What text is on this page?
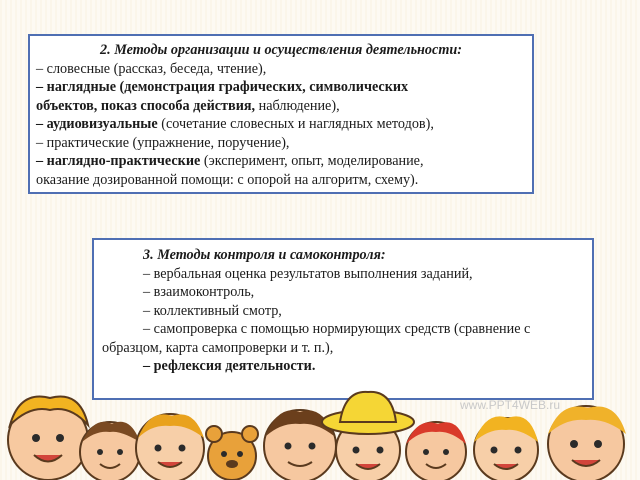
2. Методы организации и осуществления деятельности:

– словесные (рассказ, беседа, чтение),

– наглядные (демонстрация графических, символических

объектов, показ способа действия, наблюдение),

– аудиовизуальные (сочетание словесных и наглядных методов),

– практические (упражнение, поручение),

– наглядно-практические (эксперимент, опыт, моделирование,

оказание дозированной помощи: с опорой на алгоритм, схему).

3. Методы контроля и самоконтроля:

– вербальная оценка результатов выполнения заданий,

– взаимоконтроль,

– коллективный смотр,

– самопроверка с помощью нормирующих средств (сравнение с образцом, карта самопроверки и т. п.),

– рефлексия деятельности.

www.PPT4WEB.ru
